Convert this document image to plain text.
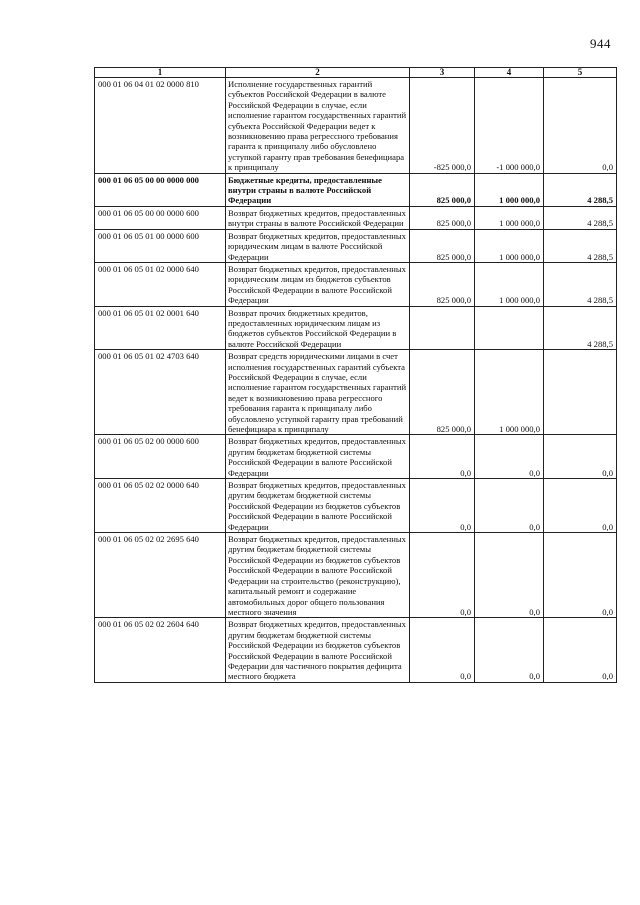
944
1	2	3	4	5
000 01 06 04 01 02 0000 810	Исполнение государственных гарантий субъектов Российской Федерации в валюте Российской Федерации в случае, если исполнение гарантом государственных гарантий субъекта Российской Федерации ведет к возникновению права регрессного требования гаранта к принципалу либо обусловлено уступкой гаранту прав требования бенефициара к принципалу	-825 000,0	-1 000 000,0	0,0
000 01 06 05 00 00 0000 000	Бюджетные кредиты, предоставленные внутри страны в валюте Российской Федерации	825 000,0	1 000 000,0	4 288,5
000 01 06 05 00 00 0000 600	Возврат бюджетных кредитов, предоставленных внутри страны в валюте Российской Федерации	825 000,0	1 000 000,0	4 288,5
000 01 06 05 01 00 0000 600	Возврат бюджетных кредитов, предоставленных юридическим лицам в валюте Российской Федерации	825 000,0	1 000 000,0	4 288,5
000 01 06 05 01 02 0000 640	Возврат бюджетных кредитов, предоставленных юридическим лицам из бюджетов субъектов Российской Федерации в валюте Российской Федерации	825 000,0	1 000 000,0	4 288,5
000 01 06 05 01 02 0001 640	Возврат прочих бюджетных кредитов, предоставленных юридическим лицам из бюджетов субъектов Российской Федерации в валюте Российской Федерации			4 288,5
000 01 06 05 01 02 4703 640	Возврат средств юридическими лицами в счет исполнения государственных гарантий субъекта Российской Федерации в случае, если исполнение гарантом государственных гарантий ведет к возникновению права регрессного требования гаранта к принципалу либо обусловлено уступкой гаранту прав требований бенефициара к принципалу	825 000,0	1 000 000,0	
000 01 06 05 02 00 0000 600	Возврат бюджетных кредитов, предоставленных другим бюджетам бюджетной системы Российской Федерации в валюте Российской Федерации	0,0	0,0	0,0
000 01 06 05 02 02 0000 640	Возврат бюджетных кредитов, предоставленных другим бюджетам бюджетной системы Российской Федерации из бюджетов субъектов Российской Федерации в валюте Российской Федерации	0,0	0,0	0,0
000 01 06 05 02 02 2695 640	Возврат бюджетных кредитов, предоставленных другим бюджетам бюджетной системы Российской Федерации из бюджетов субъектов Российской Федерации в валюте Российской Федерации на строительство (реконструкцию), капитальный ремонт и содержание автомобильных дорог общего пользования местного значения	0,0	0,0	0,0
000 01 06 05 02 02 2604 640	Возврат бюджетных кредитов, предоставленных другим бюджетам бюджетной системы Российской Федерации из бюджетов субъектов Российской Федерации в валюте Российской Федерации для частичного покрытия дефицита местного бюджета	0,0	0,0	0,0
